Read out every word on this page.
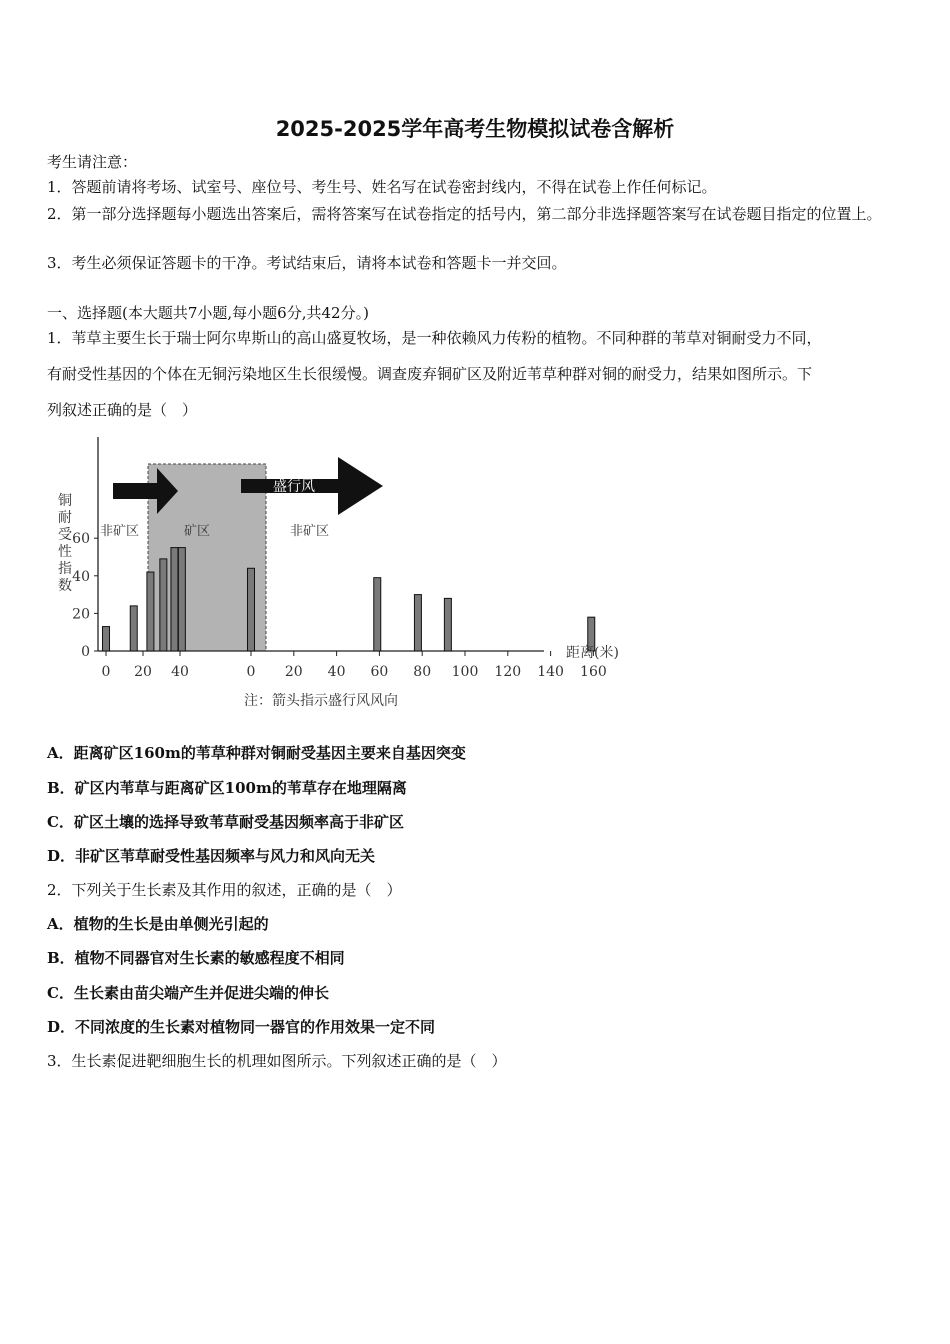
2025-2025学年高考生物模拟试卷含解析
考生请注意：
1．答题前请将考场、试室号、座位号、考生号、姓名写在试卷密封线内，不得在试卷上作任何标记。
2．第一部分选择题每小题选出答案后，需将答案写在试卷指定的括号内，第二部分非选择题答案写在试卷题目指定的位置上。
3．考生必须保证答题卡的干净。考试结束后，请将本试卷和答题卡一并交回。
一、选择题(本大题共7小题,每小题6分,共42分。)
1．苇草主要生长于瑞士阿尔卑斯山的高山盛夏牧场，是一种依赖风力传粉的植物。不同种群的苇草对铜耐受力不同，
有耐受性基因的个体在无铜污染地区生长很缓慢。调查废弃铜矿区及附近苇草种群对铜的耐受力，结果如图所示。下
列叙述正确的是（　）
盛行风
非矿区	矿区	非矿区
铜
耐
受
性
指
数
0
20
40
60
0 20 40	0 20 40 60 80 100 120 140 160
距离(米)
注：箭头指示盛行风风向
A．距离矿区160m的苇草种群对铜耐受基因主要来自基因突变
B．矿区内苇草与距离矿区100m的苇草存在地理隔离
C．矿区土壤的选择导致苇草耐受基因频率高于非矿区
D．非矿区苇草耐受性基因频率与风力和风向无关
2．下列关于生长素及其作用的叙述，正确的是（　）
A．植物的生长是由单侧光引起的
B．植物不同器官对生长素的敏感程度不相同
C．生长素由苗尖端产生并促进尖端的伸长
D．不同浓度的生长素对植物同一器官的作用效果一定不同
3．生长素促进靶细胞生长的机理如图所示。下列叙述正确的是（　）
